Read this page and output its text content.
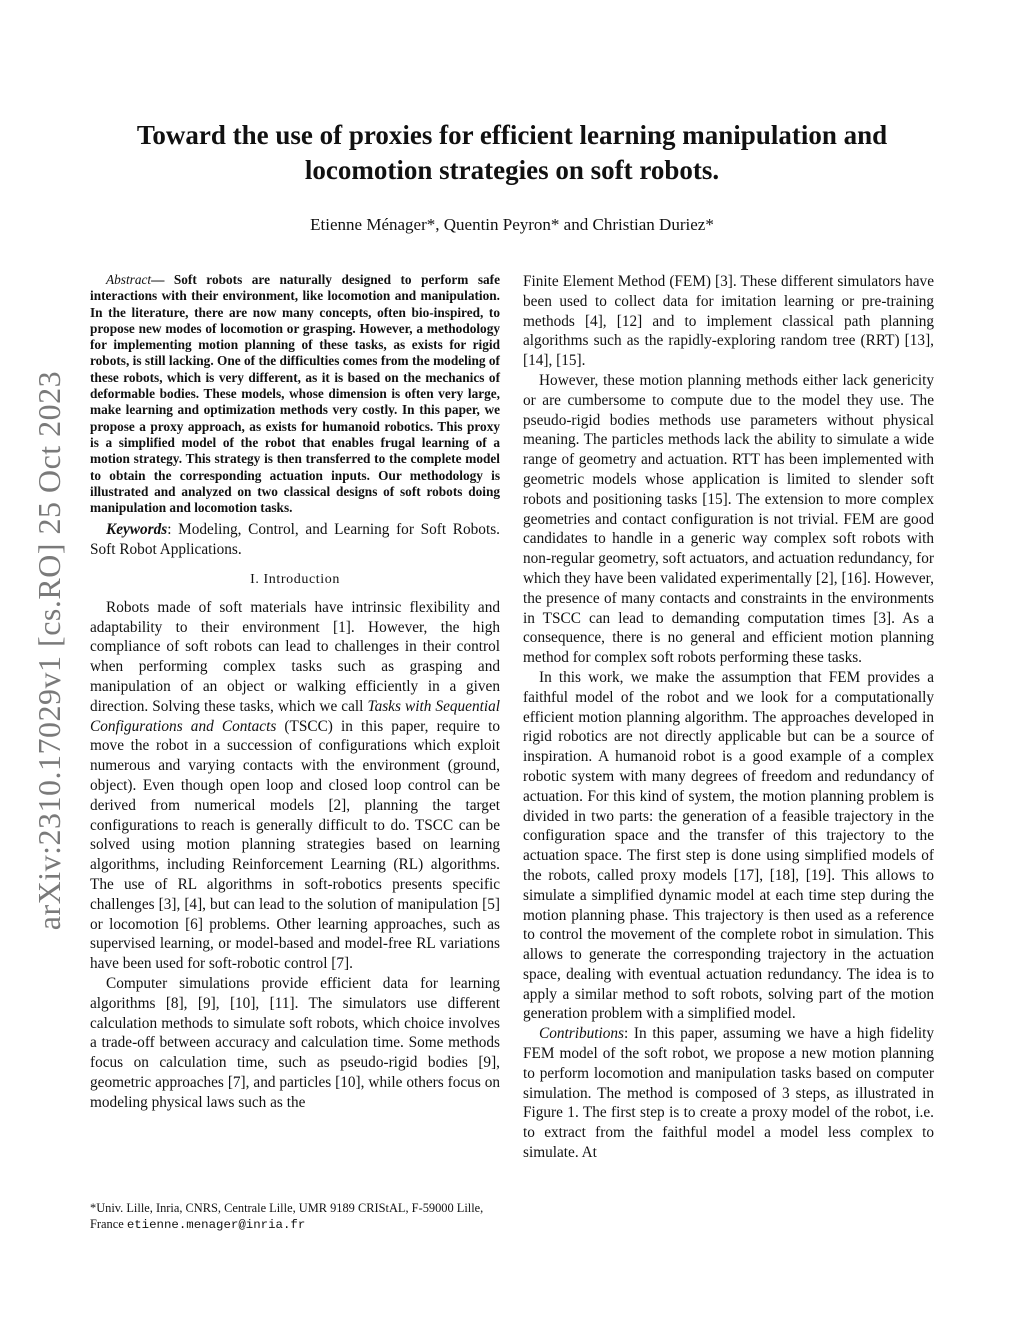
arXiv:2310.17029v1 [cs.RO] 25 Oct 2023
Toward the use of proxies for efficient learning manipulation and locomotion strategies on soft robots.
Etienne Ménager*, Quentin Peyron* and Christian Duriez*

Abstract— Soft robots are naturally designed to perform safe interactions with their environment, like locomotion and manipulation. In the literature, there are now many concepts, often bio-inspired, to propose new modes of locomotion or grasping. However, a methodology for implementing motion planning of these tasks, as exists for rigid robots, is still lacking. One of the difficulties comes from the modeling of these robots, which is very different, as it is based on the mechanics of deformable bodies. These models, whose dimension is often very large, make learning and optimization methods very costly. In this paper, we propose a proxy approach, as exists for humanoid robotics. This proxy is a simplified model of the robot that enables frugal learning of a motion strategy. This strategy is then transferred to the complete model to obtain the corresponding actuation inputs. Our methodology is illustrated and analyzed on two classical designs of soft robots doing manipulation and locomotion tasks.

Keywords: Modeling, Control, and Learning for Soft Robots. Soft Robot Applications.

I. Introduction

Robots made of soft materials have intrinsic flexibility and adaptability to their environment [1]. However, the high compliance of soft robots can lead to challenges in their control when performing complex tasks such as grasping and manipulation of an object or walking efficiently in a given direction. Solving these tasks, which we call Tasks with Sequential Configurations and Contacts (TSCC) in this paper, require to move the robot in a succession of configurations which exploit numerous and varying contacts with the environment (ground, object). Even though open loop and closed loop control can be derived from numerical models [2], planning the target configurations to reach is generally difficult to do. TSCC can be solved using motion planning strategies based on learning algorithms, including Reinforcement Learning (RL) algorithms. The use of RL algorithms in soft-robotics presents specific challenges [3], [4], but can lead to the solution of manipulation [5] or locomotion [6] problems. Other learning approaches, such as supervised learning, or model-based and model-free RL variations have been used for soft-robotic control [7].

Computer simulations provide efficient data for learning algorithms [8], [9], [10], [11]. The simulators use different calculation methods to simulate soft robots, which choice involves a trade-off between accuracy and calculation time. Some methods focus on calculation time, such as pseudo-rigid bodies [9], geometric approaches [7], and particles [10], while others focus on modeling physical laws such as the

*Univ. Lille, Inria, CNRS, Centrale Lille, UMR 9189 CRIStAL, F-59000 Lille, France etienne.menager@inria.fr

Finite Element Method (FEM) [3]. These different simulators have been used to collect data for imitation learning or pre-training methods [4], [12] and to implement classical path planning algorithms such as the rapidly-exploring random tree (RRT) [13], [14], [15].

However, these motion planning methods either lack genericity or are cumbersome to compute due to the model they use. The pseudo-rigid bodies methods use parameters without physical meaning. The particles methods lack the ability to simulate a wide range of geometry and actuation. RTT has been implemented with geometric models whose application is limited to slender soft robots and positioning tasks [15]. The extension to more complex geometries and contact configuration is not trivial. FEM are good candidates to handle in a generic way complex soft robots with non-regular geometry, soft actuators, and actuation redundancy, for which they have been validated experimentally [2], [16]. However, the presence of many contacts and constraints in the environments in TSCC can lead to demanding computation times [3]. As a consequence, there is no general and efficient motion planning method for complex soft robots performing these tasks.

In this work, we make the assumption that FEM provides a faithful model of the robot and we look for a computationally efficient motion planning algorithm. The approaches developed in rigid robotics are not directly applicable but can be a source of inspiration. A humanoid robot is a good example of a complex robotic system with many degrees of freedom and redundancy of actuation. For this kind of system, the motion planning problem is divided in two parts: the generation of a feasible trajectory in the configuration space and the transfer of this trajectory to the actuation space. The first step is done using simplified models of the robots, called proxy models [17], [18], [19]. This allows to simulate a simplified dynamic model at each time step during the motion planning phase. This trajectory is then used as a reference to control the movement of the complete robot in simulation. This allows to generate the corresponding trajectory in the actuation space, dealing with eventual actuation redundancy. The idea is to apply a similar method to soft robots, solving part of the motion generation problem with a simplified model.

Contributions: In this paper, assuming we have a high fidelity FEM model of the soft robot, we propose a new motion planning to perform locomotion and manipulation tasks based on computer simulation. The method is composed of 3 steps, as illustrated in Figure 1. The first step is to create a proxy model of the robot, i.e. to extract from the faithful model a model less complex to simulate. At
